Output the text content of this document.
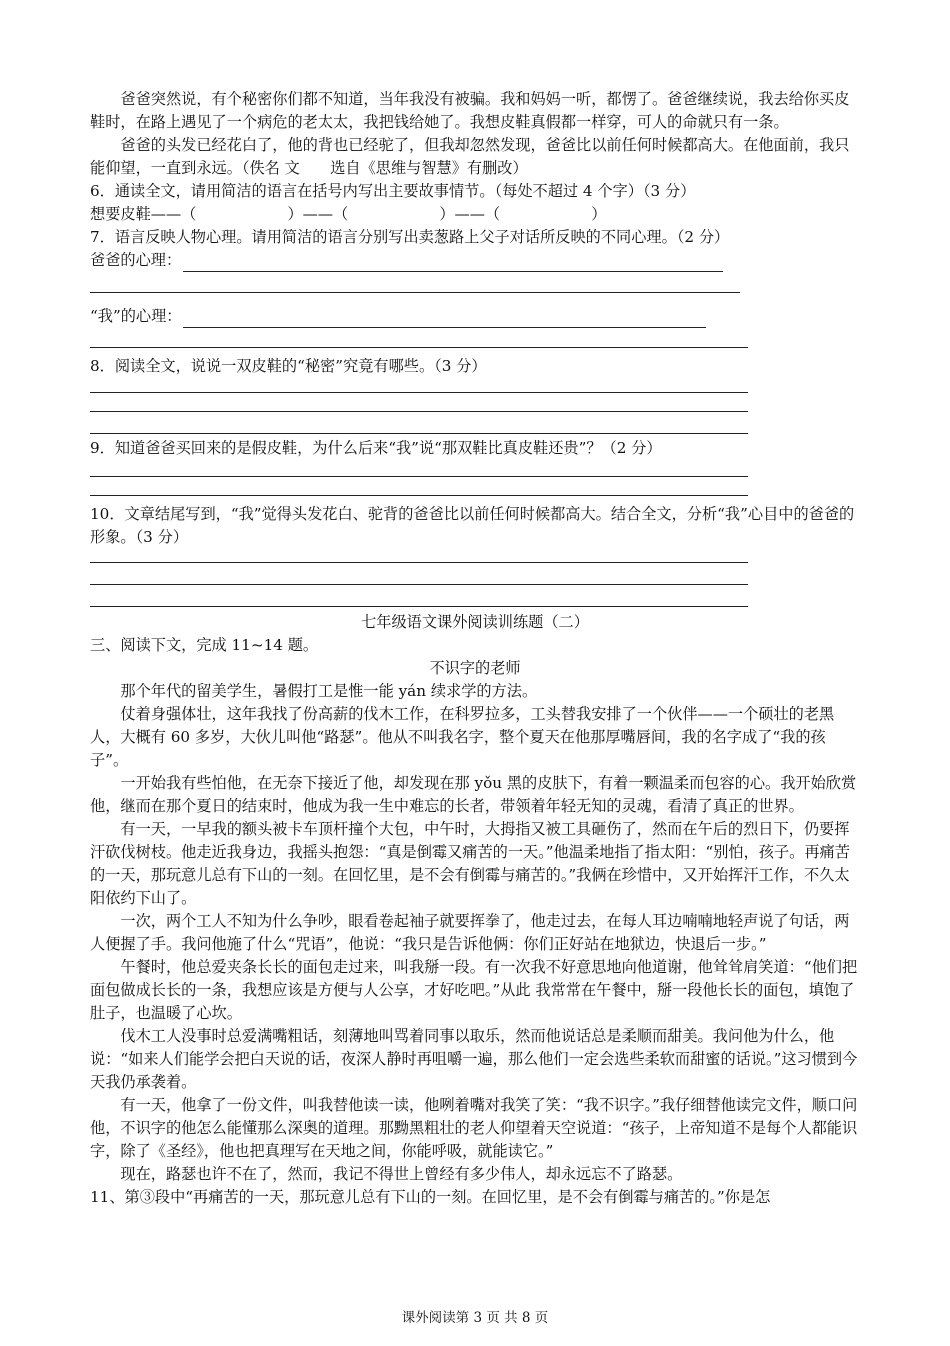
爸爸突然说，有个秘密你们都不知道，当年我没有被骗。我和妈妈一听，都愣了。爸爸继续说，我去给你买皮鞋时，在路上遇见了一个病危的老太太，我把钱给她了。我想皮鞋真假都一样穿，可人的命就只有一条。

爸爸的头发已经花白了，他的背也已经驼了，但我却忽然发现，爸爸比以前任何时候都高大。在他面前，我只能仰望，一直到永远。（佚名 文　　选自《思维与智慧》有删改）

6．通读全文，请用简洁的语言在括号内写出主要故事情节。（每处不超过 4 个字）（3 分）

想要皮鞋——（　　　　　　）——（　　　　　　）——（　　　　　　）

7．语言反映人物心理。请用简洁的语言分别写出卖葱路上父子对话所反映的不同心理。（2 分）

爸爸的心理：
“我”的心理：

8．阅读全文，说说一双皮鞋的“秘密”究竟有哪些。（3 分）

9．知道爸爸买回来的是假皮鞋，为什么后来“我”说“那双鞋比真皮鞋还贵”？（2 分）

10．文章结尾写到，“我”觉得头发花白、驼背的爸爸比以前任何时候都高大。结合全文，分析“我”心目中的爸爸的形象。（3 分）

七年级语文课外阅读训练题（二）

三、阅读下文，完成 11~14 题。

不识字的老师

那个年代的留美学生，暑假打工是惟一能 yán 续求学的方法。

仗着身强体壮，这年我找了份高薪的伐木工作，在科罗拉多，工头替我安排了一个伙伴——一个硕壮的老黑人，大概有 60 多岁，大伙儿叫他“路瑟”。他从不叫我名字，整个夏天在他那厚嘴唇间，我的名字成了“我的孩子”。

一开始我有些怕他，在无奈下接近了他，却发现在那 yǒu 黑的皮肤下，有着一颗温柔而包容的心。我开始欣赏他，继而在那个夏日的结束时，他成为我一生中难忘的长者，带领着年轻无知的灵魂，看清了真正的世界。

有一天，一早我的额头被卡车顶杆撞个大包，中午时，大拇指又被工具砸伤了，然而在午后的烈日下，仍要挥汗砍伐树枝。他走近我身边，我摇头抱怨：“真是倒霉又痛苦的一天。”他温柔地指了指太阳：“别怕，孩子。再痛苦的一天，那玩意儿总有下山的一刻。在回忆里，是不会有倒霉与痛苦的。”我俩在珍惜中，又开始挥汗工作，不久太阳依约下山了。

一次，两个工人不知为什么争吵，眼看卷起袖子就要挥拳了，他走过去，在每人耳边喃喃地轻声说了句话，两人便握了手。我问他施了什么“咒语”，他说：“我只是告诉他俩：你们正好站在地狱边，快退后一步。”

午餐时，他总爱夹条长长的面包走过来，叫我掰一段。有一次我不好意思地向他道谢，他耸耸肩笑道：“他们把面包做成长长的一条，我想应该是方便与人公享，才好吃吧。”从此 我常常在午餐中，掰一段他长长的面包，填饱了肚子，也温暖了心坎。

伐木工人没事时总爱满嘴粗话，刻薄地叫骂着同事以取乐，然而他说话总是柔顺而甜美。我问他为什么，他说：“如来人们能学会把白天说的话，夜深人静时再咀嚼一遍，那么他们一定会选些柔软而甜蜜的话说。”这习惯到今天我仍承袭着。

有一天，他拿了一份文件，叫我替他读一读，他咧着嘴对我笑了笑：“我不识字。”我仔细替他读完文件，顺口问他，不识字的他怎么能懂那么深奥的道理。那黝黑粗壮的老人仰望着天空说道：“孩子，上帝知道不是每个人都能识字，除了《圣经》，他也把真理写在天地之间，你能呼吸，就能读它。”

现在，路瑟也许不在了，然而，我记不得世上曾经有多少伟人，却永远忘不了路瑟。

11、第③段中“再痛苦的一天，那玩意儿总有下山的一刻。在回忆里，是不会有倒霉与痛苦的。”你是怎

课外阅读第 3 页 共 8 页
